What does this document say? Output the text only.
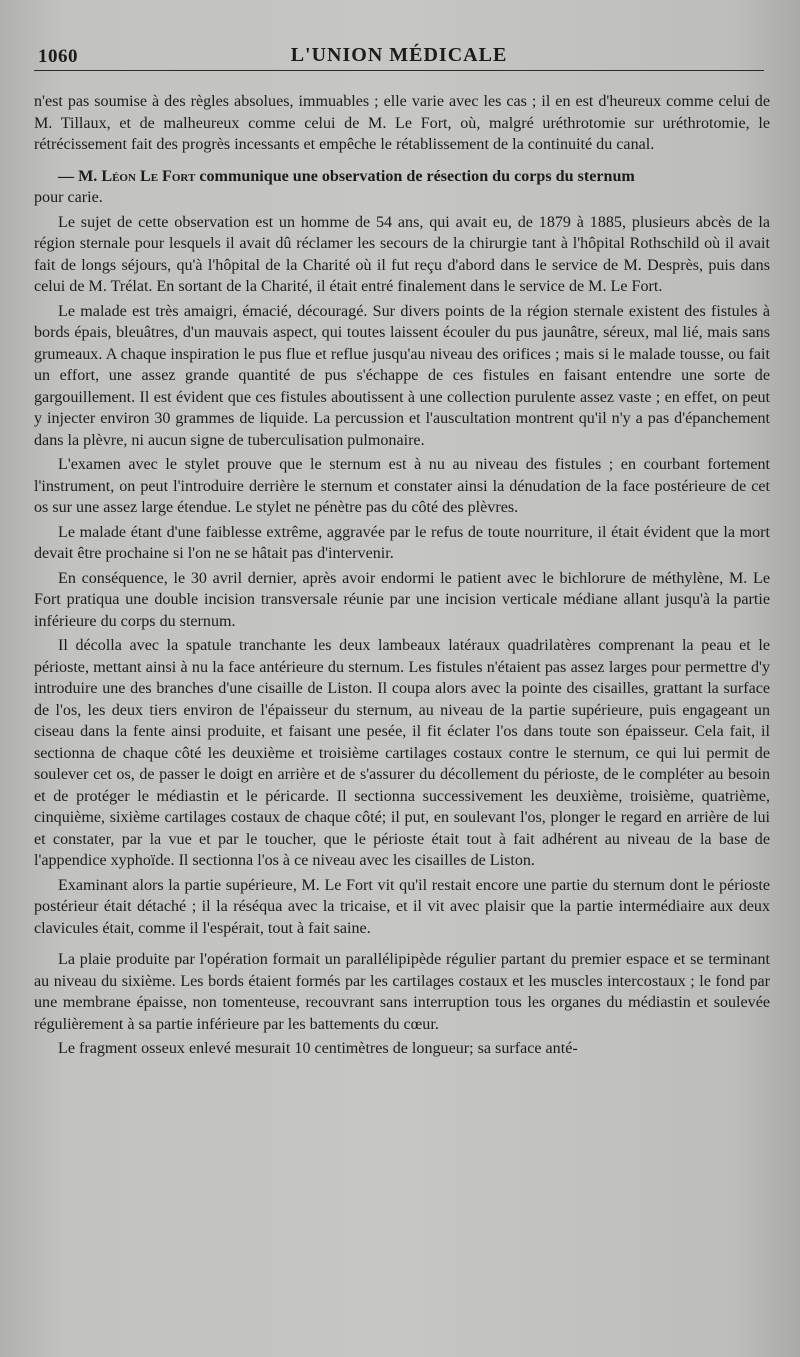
1060	L'UNION MÉDICALE

n'est pas soumise à des règles absolues, immuables ; elle varie avec les cas ; il en est d'heureux comme celui de M. Tillaux, et de malheureux comme celui de M. Le Fort, où, malgré uréthrotomie sur uréthrotomie, le rétrécissement fait des progrès incessants et empêche le rétablissement de la continuité du canal.

— M. Léon Le Fort communique une observation de résection du corps du sternum

pour carie.

Le sujet de cette observation est un homme de 54 ans, qui avait eu, de 1879 à 1885, plusieurs abcès de la région sternale pour lesquels il avait dû réclamer les secours de la chirurgie tant à l'hôpital Rothschild où il avait fait de longs séjours, qu'à l'hôpital de la Charité où il fut reçu d'abord dans le service de M. Desprès, puis dans celui de M. Trélat. En sortant de la Charité, il était entré finalement dans le service de M. Le Fort.

Le malade est très amaigri, émacié, découragé. Sur divers points de la région sternale existent des fistules à bords épais, bleuâtres, d'un mauvais aspect, qui toutes laissent écouler du pus jaunâtre, séreux, mal lié, mais sans grumeaux. A chaque inspiration le pus flue et reflue jusqu'au niveau des orifices ; mais si le malade tousse, ou fait un effort, une assez grande quantité de pus s'échappe de ces fistules en faisant entendre une sorte de gargouillement. Il est évident que ces fistules aboutissent à une collection purulente assez vaste ; en effet, on peut y injecter environ 30 grammes de liquide. La percussion et l'auscultation montrent qu'il n'y a pas d'épanchement dans la plèvre, ni aucun signe de tuberculisation pulmonaire.

L'examen avec le stylet prouve que le sternum est à nu au niveau des fistules ; en courbant fortement l'instrument, on peut l'introduire derrière le sternum et constater ainsi la dénudation de la face postérieure de cet os sur une assez large étendue. Le stylet ne pénètre pas du côté des plèvres.

Le malade étant d'une faiblesse extrême, aggravée par le refus de toute nourriture, il était évident que la mort devait être prochaine si l'on ne se hâtait pas d'intervenir.

En conséquence, le 30 avril dernier, après avoir endormi le patient avec le bichlorure de méthylène, M. Le Fort pratiqua une double incision transversale réunie par une incision verticale médiane allant jusqu'à la partie inférieure du corps du sternum.

Il décolla avec la spatule tranchante les deux lambeaux latéraux quadrilatères comprenant la peau et le périoste, mettant ainsi à nu la face antérieure du sternum. Les fistules n'étaient pas assez larges pour permettre d'y introduire une des branches d'une cisaille de Liston. Il coupa alors avec la pointe des cisailles, grattant la surface de l'os, les deux tiers environ de l'épaisseur du sternum, au niveau de la partie supérieure, puis engageant un ciseau dans la fente ainsi produite, et faisant une pesée, il fit éclater l'os dans toute son épaisseur. Cela fait, il sectionna de chaque côté les deuxième et troisième cartilages costaux contre le sternum, ce qui lui permit de soulever cet os, de passer le doigt en arrière et de s'assurer du décollement du périoste, de le compléter au besoin et de protéger le médiastin et le péricarde. Il sectionna successivement les deuxième, troisième, quatrième, cinquième, sixième cartilages costaux de chaque côté; il put, en soulevant l'os, plonger le regard en arrière de lui et constater, par la vue et par le toucher, que le périoste était tout à fait adhérent au niveau de la base de l'appendice xyphoïde. Il sectionna l'os à ce niveau avec les cisailles de Liston.

Examinant alors la partie supérieure, M. Le Fort vit qu'il restait encore une partie du sternum dont le périoste postérieur était détaché ; il la réséqua avec la tricaise, et il vit avec plaisir que la partie intermédiaire aux deux clavicules était, comme il l'espérait, tout à fait saine.

La plaie produite par l'opération formait un parallélipipède régulier partant du premier espace et se terminant au niveau du sixième. Les bords étaient formés par les cartilages costaux et les muscles intercostaux ; le fond par une membrane épaisse, non tomenteuse, recouvrant sans interruption tous les organes du médiastin et soulevée régulièrement à sa partie inférieure par les battements du cœur.

Le fragment osseux enlevé mesurait 10 centimètres de longueur; sa surface anté-
